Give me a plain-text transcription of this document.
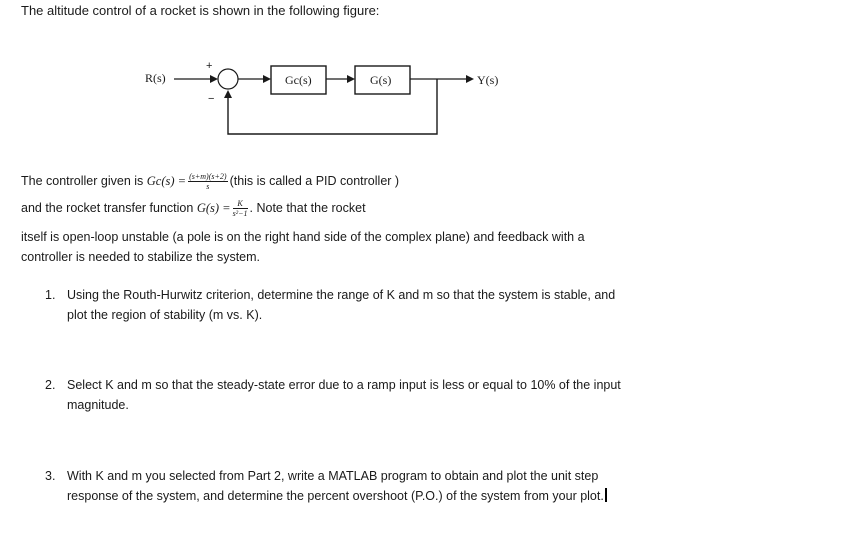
The altitude control of a rocket is shown in the following figure:
R(s)
+
−
Gc(s)	G(s)	Y(s)
The controller given is $Gc(s) = \frac{(s+m)(s+2)}{s}$ (this is called a PID controller )
and the rocket transfer function $G(s) = \frac{K}{\text{s²−1}}$ . Note that the rocket
itself is open-loop unstable (a pole is on the right hand side of the complex plane) and feedback with a controller is needed to stabilize the system.
1. Using the Routh-Hurwitz criterion, determine the range of K and m so that the system is stable, and plot the region of stability (m vs. K).
2. Select K and m so that the steady-state error due to a ramp input is less or equal to 10% of the input magnitude.
3. With K and m you selected from Part 2, write a MATLAB program to obtain and plot the unit step response of the system, and determine the percent overshoot (P.O.) of the system from your plot.
